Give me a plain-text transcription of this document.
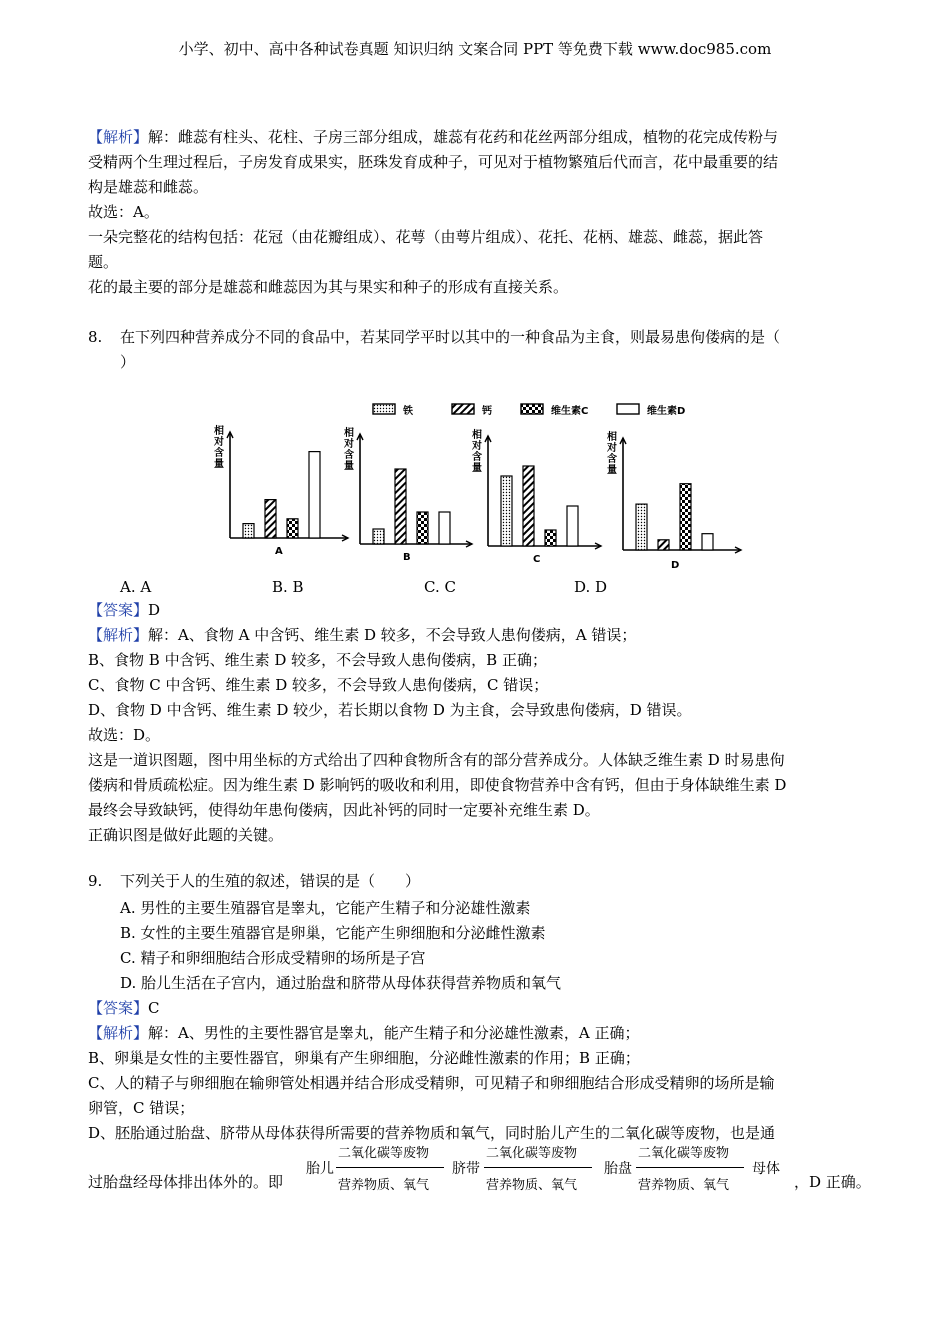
小学、初中、高中各种试卷真题 知识归纳 文案合同 PPT 等免费下载 www.doc985.com
【解析】解：雌蕊有柱头、花柱、子房三部分组成，雄蕊有花药和花丝两部分组成，植物的花完成传粉与
受精两个生理过程后，子房发育成果实，胚珠发育成种子，可见对于植物繁殖后代而言，花中最重要的结
构是雄蕊和雌蕊。
故选：A。
一朵完整花的结构包括：花冠（由花瓣组成）、花萼（由萼片组成）、花托、花柄、雄蕊、雌蕊，据此答
题。
花的最主要的部分是雄蕊和雌蕊因为其与果实和种子的形成有直接关系。
8. 在下列四种营养成分不同的食品中，若某同学平时以其中的一种食品为主食，则最易患佝偻病的是（
）
铁	钙	维生素C	维生素D
相
对
含
量
A
相
对
含
量
B
相
对
含
量
C
相
对
含
量
D
A. A	B. B	C. C	D. D
【答案】D
【解析】解：A、食物 A 中含钙、维生素 D 较多，不会导致人患佝偻病，A 错误；
B、食物 B 中含钙、维生素 D 较多，不会导致人患佝偻病，B 正确；
C、食物 C 中含钙、维生素 D 较多，不会导致人患佝偻病，C 错误；
D、食物 D 中含钙、维生素 D 较少，若长期以食物 D 为主食，会导致患佝偻病，D 错误。
故选：D。
这是一道识图题，图中用坐标的方式给出了四种食物所含有的部分营养成分。人体缺乏维生素 D 时易患佝
偻病和骨质疏松症。因为维生素 D 影响钙的吸收和利用，即使食物营养中含有钙，但由于身体缺维生素 D
最终会导致缺钙，使得幼年患佝偻病，因此补钙的同时一定要补充维生素 D。
正确识图是做好此题的关键。
9. 下列关于人的生殖的叙述，错误的是（　　）
A. 男性的主要生殖器官是睾丸，它能产生精子和分泌雄性激素
B. 女性的主要生殖器官是卵巢，它能产生卵细胞和分泌雌性激素
C. 精子和卵细胞结合形成受精卵的场所是子宫
D. 胎儿生活在子宫内，通过胎盘和脐带从母体获得营养物质和氧气
【答案】C
【解析】解：A、男性的主要性器官是睾丸，能产生精子和分泌雄性激素，A 正确；
B、卵巢是女性的主要性器官，卵巢有产生卵细胞，分泌雌性激素的作用；B 正确；
C、人的精子与卵细胞在输卵管处相遇并结合形成受精卵，可见精子和卵细胞结合形成受精卵的场所是输
卵管，C 错误；
D、胚胎通过胎盘、脐带从母体获得所需要的营养物质和氧气，同时胎儿产生的二氧化碳等废物，也是通
过胎盘经母体排出体外的。即
胎儿
二氧化碳等废物
营养物质、氧气
脐带
二氧化碳等废物
营养物质、氧气
胎盘
二氧化碳等废物
营养物质、氧气
母体
，D 正确。
